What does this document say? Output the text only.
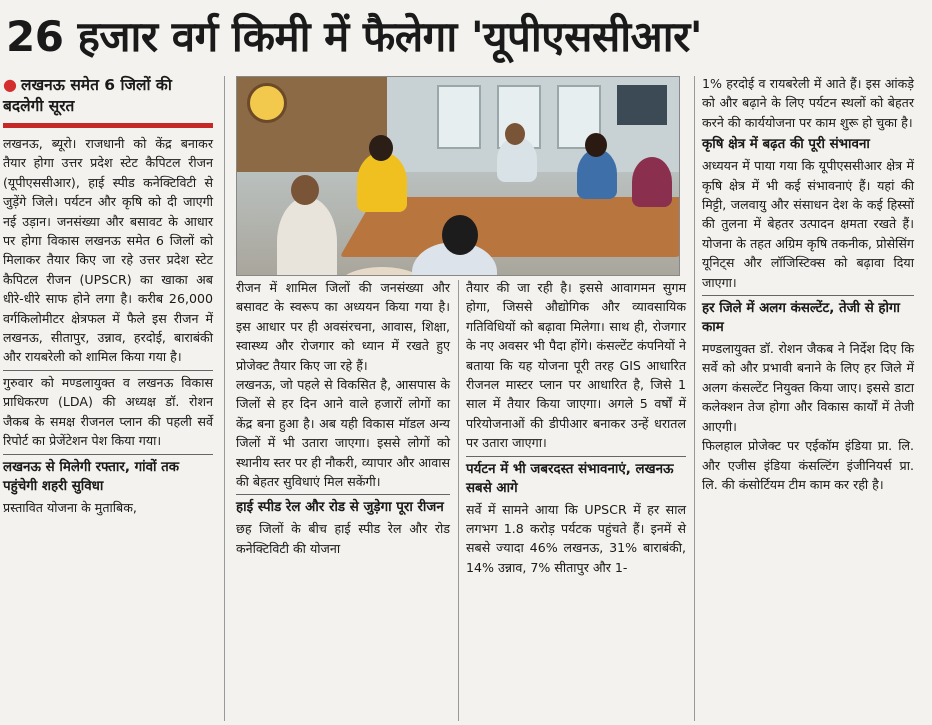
26 हजार वर्ग किमी में फैलेगा 'यूपीएससीआर'
● लखनऊ समेत 6 जिलों की बदलेगी सूरत

लखनऊ, ब्यूरो। राजधानी को केंद्र बनाकर तैयार होगा उत्तर प्रदेश स्टेट कैपिटल रीजन (यूपीएससीआर), हाई स्पीड कनेक्टिविटी से जुड़ेंगे जिले। पर्यटन और कृषि को दी जाएगी नई उड़ान। जनसंख्या और बसावट के आधार पर होगा विकास लखनऊ समेत 6 जिलों को मिलाकर तैयार किए जा रहे उत्तर प्रदेश स्टेट कैपिटल रीजन (UPSCR) का खाका अब धीरे-धीरे साफ होने लगा है। करीब 26,000 वर्गकिलोमीटर क्षेत्रफल में फैले इस रीजन में लखनऊ, सीतापुर, उन्नाव, हरदोई, बाराबंकी और रायबरेली को शामिल किया गया है।

गुरुवार को मण्डलायुक्त व लखनऊ विकास प्राधिकरण (LDA) की अध्यक्ष डॉ. रोशन जैकब के समक्ष रीजनल प्लान की पहली सर्वे रिपोर्ट का प्रेजेंटेशन पेश किया गया।

लखनऊ से मिलेगी रफ्तार, गांवों तक पहुंचेगी शहरी सुविधा

प्रस्तावित योजना के मुताबिक,

रीजन में शामिल जिलों की जनसंख्या और बसावट के स्वरूप का अध्ययन किया गया है। इस आधार पर ही अवसंरचना, आवास, शिक्षा, स्वास्थ्य और रोजगार को ध्यान में रखते हुए प्रोजेक्ट तैयार किए जा रहे हैं।

लखनऊ, जो पहले से विकसित है, आसपास के जिलों से हर दिन आने वाले हजारों लोगों का केंद्र बना हुआ है। अब यही विकास मॉडल अन्य जिलों में भी उतारा जाएगा। इससे लोगों को स्थानीय स्तर पर ही नौकरी, व्यापार और आवास की बेहतर सुविधाएं मिल सकेंगी।

हाई स्पीड रेल और रोड से जुड़ेगा पूरा रीजन

छह जिलों के बीच हाई स्पीड रेल और रोड कनेक्टिविटी की योजना

तैयार की जा रही है। इससे आवागमन सुगम होगा, जिससे औद्योगिक और व्यावसायिक गतिविधियों को बढ़ावा मिलेगा। साथ ही, रोजगार के नए अवसर भी पैदा होंगे। कंसल्टेंट कंपनियों ने बताया कि यह योजना पूरी तरह GIS आधारित रीजनल मास्टर प्लान पर आधारित है, जिसे 1 साल में तैयार किया जाएगा। अगले 5 वर्षों में परियोजनाओं की डीपीआर बनाकर उन्हें धरातल पर उतारा जाएगा।

पर्यटन में भी जबरदस्त संभावनाएं, लखनऊ सबसे आगे

सर्वे में सामने आया कि UPSCR में हर साल लगभग 1.8 करोड़ पर्यटक पहुंचते हैं। इनमें से सबसे ज्यादा 46% लखनऊ, 31% बाराबंकी, 14% उन्नाव, 7% सीतापुर और 1-

1% हरदोई व रायबरेली में आते हैं। इस आंकड़े को और बढ़ाने के लिए पर्यटन स्थलों को बेहतर करने की कार्ययोजना पर काम शुरू हो चुका है।

कृषि क्षेत्र में बढ़त की पूरी संभावना

अध्ययन में पाया गया कि यूपीएससीआर क्षेत्र में कृषि क्षेत्र में भी कई संभावनाएं हैं। यहां की मिट्टी, जलवायु और संसाधन देश के कई हिस्सों की तुलना में बेहतर उत्पादन क्षमता रखते हैं। योजना के तहत अग्रिम कृषि तकनीक, प्रोसेसिंग यूनिट्स और लॉजिस्टिक्स को बढ़ावा दिया जाएगा।

हर जिले में अलग कंसल्टेंट, तेजी से होगा काम

मण्डलायुक्त डॉ. रोशन जैकब ने निर्देश दिए कि सर्वे को और प्रभावी बनाने के लिए हर जिले में अलग कंसल्टेंट नियुक्त किया जाए। इससे डाटा कलेक्शन तेज होगा और विकास कार्यों में तेजी आएगी।

फिलहाल प्रोजेक्ट पर एईकॉम इंडिया प्रा. लि. और एजीस इंडिया कंसल्टिंग इंजीनियर्स प्रा. लि. की कंसोर्टियम टीम काम कर रही है।
